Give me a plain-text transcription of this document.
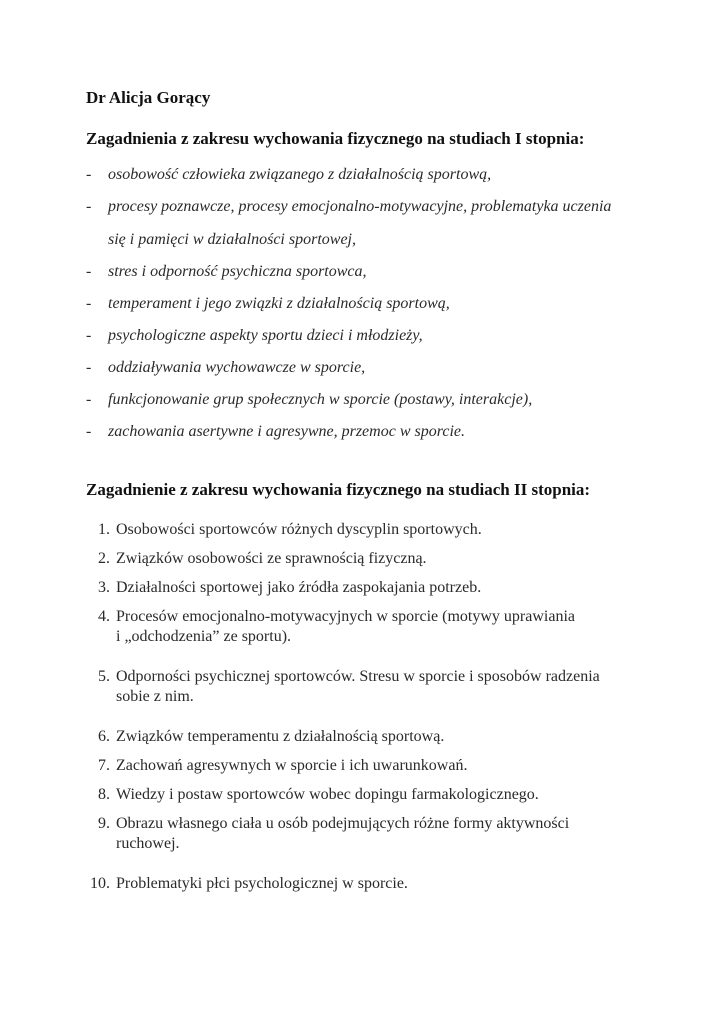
Dr Alicja Gorący
Zagadnienia z zakresu wychowania fizycznego na studiach I stopnia:
- osobowość człowieka związanego z działalnością sportową,
- procesy poznawcze, procesy emocjonalno-motywacyjne, problematyka uczenia
się i pamięci w działalności sportowej,
- stres i odporność psychiczna sportowca,
- temperament i jego związki z działalnością sportową,
- psychologiczne aspekty sportu dzieci i młodzieży,
- oddziaływania wychowawcze w sporcie,
- funkcjonowanie grup społecznych w sporcie (postawy, interakcje),
- zachowania asertywne i agresywne, przemoc w sporcie.
Zagadnienie z zakresu wychowania fizycznego na studiach II stopnia:
1. Osobowości sportowców różnych dyscyplin sportowych.
2. Związków osobowości ze sprawnością fizyczną.
3. Działalności sportowej jako źródła zaspokajania potrzeb.
4. Procesów emocjonalno-motywacyjnych w sporcie (motywy uprawiania
i „odchodzenia” ze sportu).
5. Odporności psychicznej sportowców. Stresu w sporcie i sposobów radzenia
sobie z nim.
6. Związków temperamentu z działalnością sportową.
7. Zachowań agresywnych w sporcie i ich uwarunkowań.
8. Wiedzy i postaw sportowców wobec dopingu farmakologicznego.
9. Obrazu własnego ciała u osób podejmujących różne formy aktywności
ruchowej.
10. Problematyki płci psychologicznej w sporcie.
